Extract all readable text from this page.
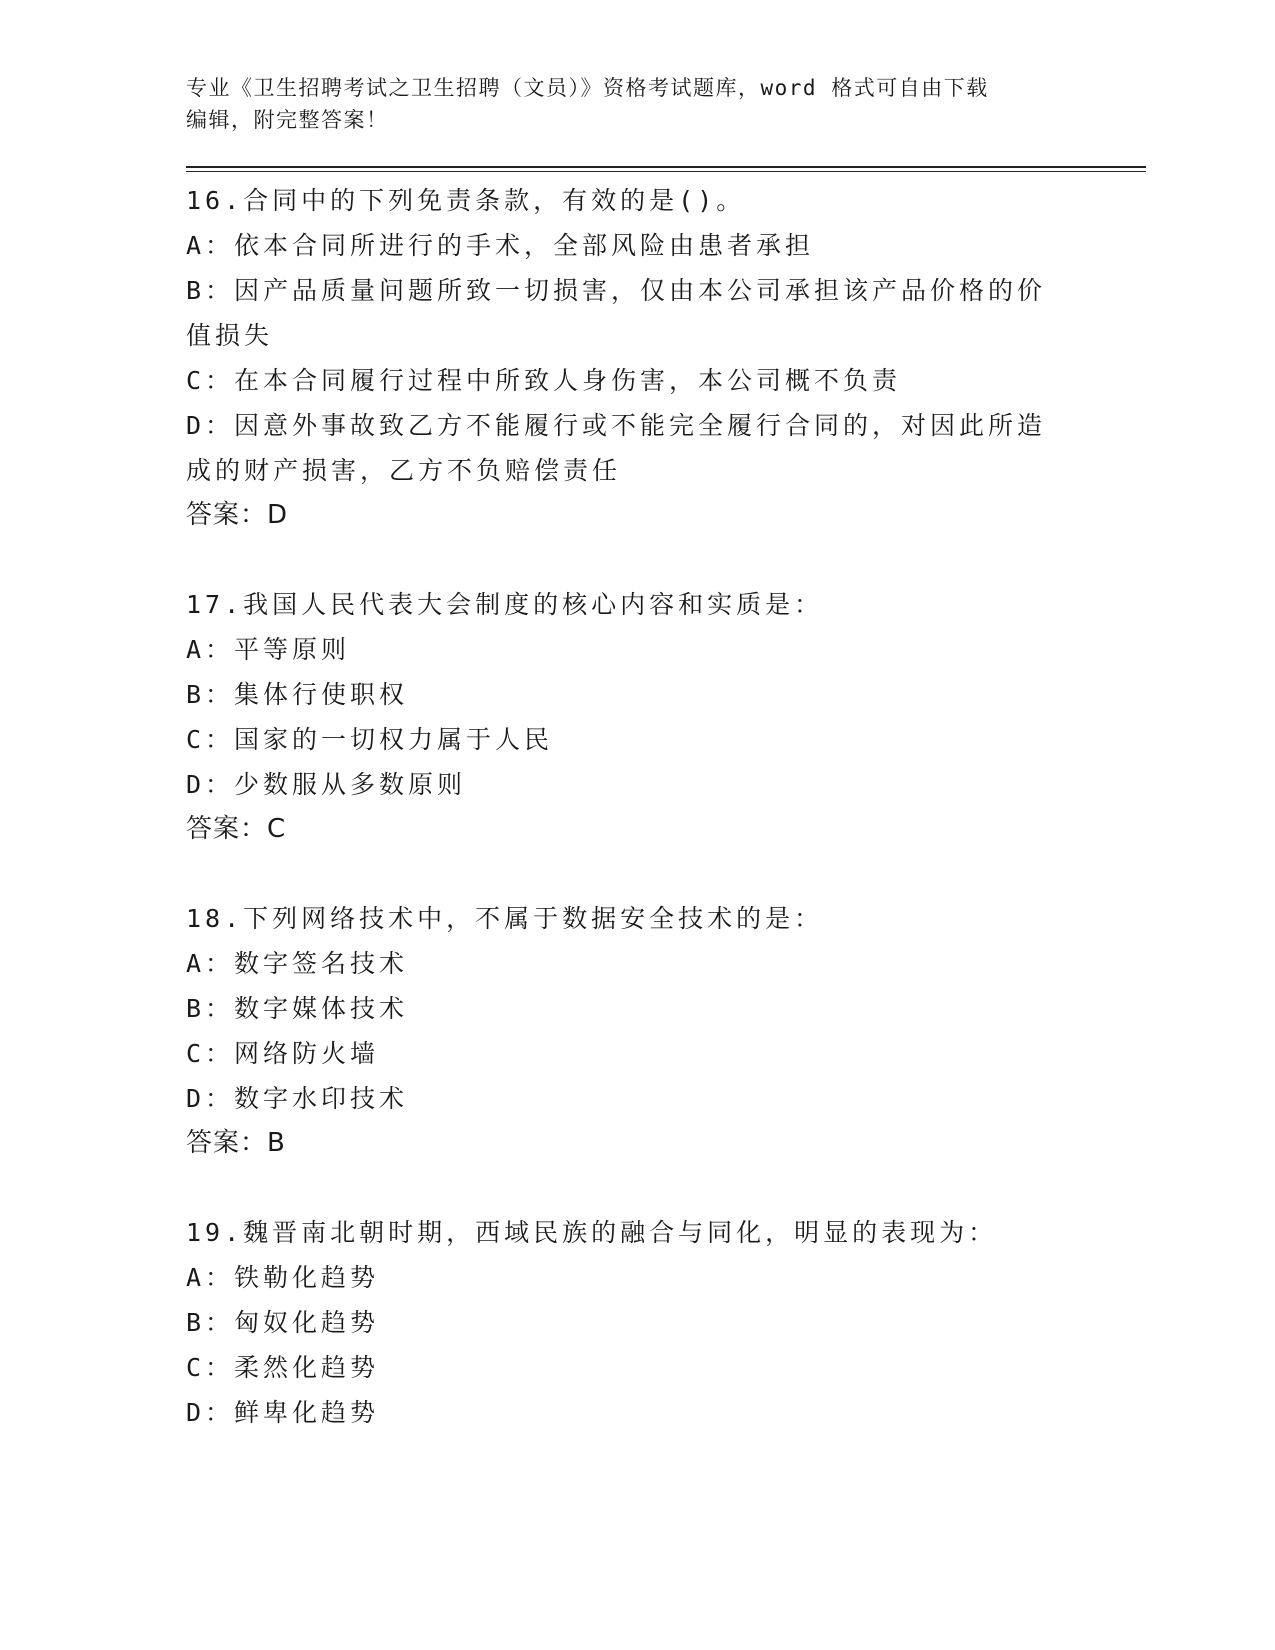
专业《卫生招聘考试之卫生招聘（文员）》资格考试题库，word 格式可自由下载
编辑，附完整答案！
16.合同中的下列免责条款，有效的是()。
A：依本合同所进行的手术，全部风险由患者承担
B：因产品质量问题所致一切损害，仅由本公司承担该产品价格的价值损失
C：在本合同履行过程中所致人身伤害，本公司概不负责
D：因意外事故致乙方不能履行或不能完全履行合同的，对因此所造成的财产损害，乙方不负赔偿责任
答案：D
17.我国人民代表大会制度的核心内容和实质是：
A：平等原则
B：集体行使职权
C：国家的一切权力属于人民
D：少数服从多数原则
答案：C
18.下列网络技术中，不属于数据安全技术的是：
A：数字签名技术
B：数字媒体技术
C：网络防火墙
D：数字水印技术
答案：B
19.魏晋南北朝时期，西域民族的融合与同化，明显的表现为：
A：铁勒化趋势
B：匈奴化趋势
C：柔然化趋势
D：鲜卑化趋势
